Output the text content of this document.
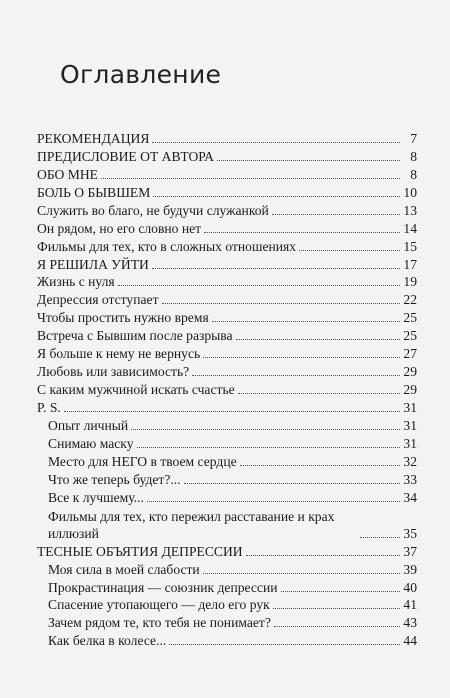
Оглавление
РЕКОМЕНДАЦИЯ	7
ПРЕДИСЛОВИЕ ОТ АВТОРА	8
ОБО МНЕ	8
БОЛЬ О БЫВШЕМ	10
Служить во благо, не будучи служанкой	13
Он рядом, но его словно нет	14
Фильмы для тех, кто в сложных отношениях	15
Я РЕШИЛА УЙТИ	17
Жизнь с нуля	19
Депрессия отступает	22
Чтобы простить нужно время	25
Встреча с Бывшим после разрыва	25
Я больше к нему не вернусь	27
Любовь или зависимость?	29
С каким мужчиной искать счастье	29
P. S.	31
Опыт личный	31
Снимаю маску	31
Место для НЕГО в твоем сердце	32
Что же теперь будет?...	33
Все к лучшему...	34
Фильмы для тех, кто пережил расставание и крах иллюзий	35
ТЕСНЫЕ ОБЪЯТИЯ ДЕПРЕССИИ	37
Моя сила в моей слабости	39
Прокрастинация — союзник депрессии	40
Спасение утопающего — дело его рук	41
Зачем рядом те, кто тебя не понимает?	43
Как белка в колесе...	44
